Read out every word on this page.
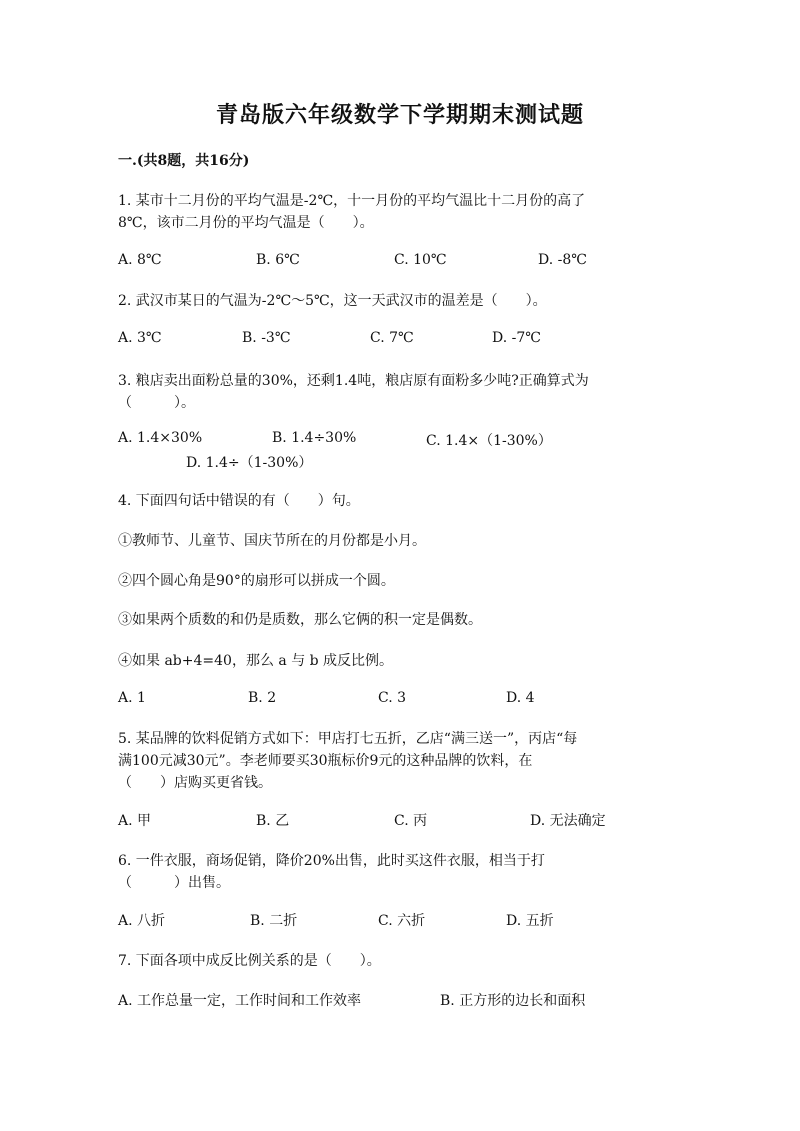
青岛版六年级数学下学期期末测试题
一.(共8题，共16分)
1. 某市十二月份的平均气温是-2℃，十一月份的平均气温比十二月份的高了
8℃，该市二月份的平均气温是（　　）。
A. 8℃	B. 6℃	C. 10℃	D. -8℃
2. 武汉市某日的气温为-2℃～5℃，这一天武汉市的温差是（　　）。
A. 3℃	B. -3℃	C. 7℃	D. -7℃
3. 粮店卖出面粉总量的30%，还剩1.4吨，粮店原有面粉多少吨?正确算式为
（　　　）。
A. 1.4×30%	B. 1.4÷30%	C. 1.4×（1-30%）
D. 1.4÷（1-30%）
4. 下面四句话中错误的有（　　）句。
①教师节、儿童节、国庆节所在的月份都是小月。
②四个圆心角是90°的扇形可以拼成一个圆。
③如果两个质数的和仍是质数，那么它俩的积一定是偶数。
④如果 ab+4=40，那么 a 与 b 成反比例。
A. 1	B. 2	C. 3	D. 4
5. 某品牌的饮料促销方式如下：甲店打七五折，乙店“满三送一”，丙店“每
满100元减30元”。李老师要买30瓶标价9元的这种品牌的饮料，在
（　　）店购买更省钱。
A. 甲	B. 乙	C. 丙	D. 无法确定
6. 一件衣服，商场促销，降价20%出售，此时买这件衣服，相当于打
（　　　）出售。
A. 八折	B. 二折	C. 六折	D. 五折
7. 下面各项中成反比例关系的是（　　）。
A. 工作总量一定，工作时间和工作效率	B. 正方形的边长和面积
